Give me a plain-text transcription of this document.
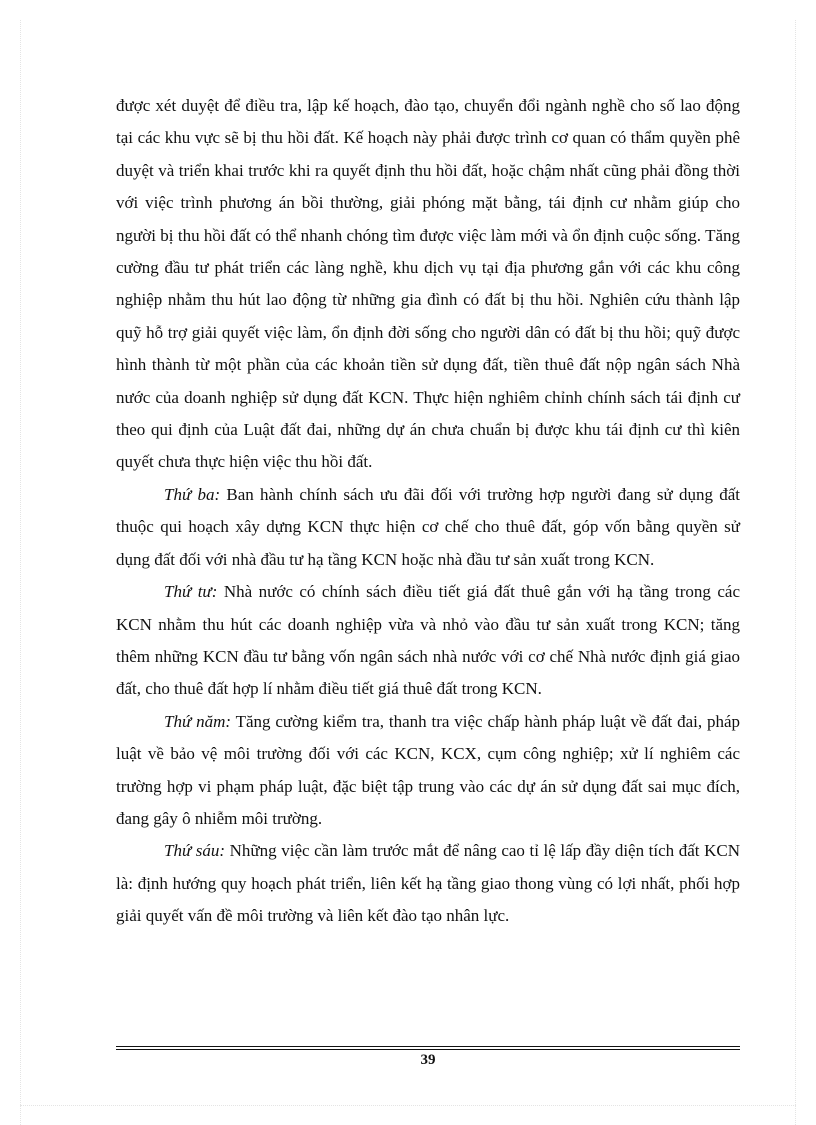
được xét duyệt để điều tra, lập kế hoạch, đào tạo, chuyển đổi ngành nghề cho số lao động tại các khu vực sẽ bị thu hồi đất. Kế hoạch này phải được trình cơ quan có thẩm quyền phê duyệt và triển khai trước khi ra quyết định thu hồi đất, hoặc chậm nhất cũng phải đồng thời với việc trình phương án bồi thường, giải phóng mặt bằng, tái định cư nhằm giúp cho người bị thu hồi đất có thể nhanh chóng tìm được việc làm mới và ổn định cuộc sống. Tăng cường đầu tư phát triển các làng nghề, khu dịch vụ tại địa phương gắn với các khu công nghiệp nhằm thu hút lao động từ những gia đình có đất bị thu hồi. Nghiên cứu thành lập quỹ hỗ trợ giải quyết việc làm, ổn định đời sống cho người dân có đất bị thu hồi; quỹ được hình thành từ một phần của các khoản tiền sử dụng đất, tiền thuê đất nộp ngân sách Nhà nước của doanh nghiệp sử dụng đất KCN. Thực hiện nghiêm chỉnh chính sách tái định cư theo qui định của Luật đất đai, những dự án chưa chuẩn bị được khu tái định cư thì kiên quyết chưa thực hiện việc thu hồi đất.

Thứ ba: Ban hành chính sách ưu đãi đối với trường hợp người đang sử dụng đất thuộc qui hoạch xây dựng KCN thực hiện cơ chế cho thuê đất, góp vốn bằng quyền sử dụng đất đối với nhà đầu tư hạ tầng KCN hoặc nhà đầu tư sản xuất trong KCN.

Thứ tư: Nhà nước có chính sách điều tiết giá đất thuê gắn với hạ tầng trong các KCN nhằm thu hút các doanh nghiệp vừa và nhỏ vào đầu tư sản xuất trong KCN; tăng thêm những KCN đầu tư bằng vốn ngân sách nhà nước với cơ chế Nhà nước định giá giao đất, cho thuê đất hợp lí nhằm điều tiết giá thuê đất trong KCN.

Thứ năm: Tăng cường kiểm tra, thanh tra việc chấp hành pháp luật về đất đai, pháp luật về bảo vệ môi trường đối với các KCN, KCX, cụm công nghiệp; xử lí nghiêm các trường hợp vi phạm pháp luật, đặc biệt tập trung vào các dự án sử dụng đất sai mục đích, đang gây ô nhiễm môi trường.

Thứ sáu: Những việc cần làm trước mắt để nâng cao tỉ lệ lấp đầy diện tích đất KCN là: định hướng quy hoạch phát triển, liên kết hạ tầng giao thong vùng có lợi nhất, phối hợp giải quyết vấn đề môi trường và liên kết đào tạo nhân lực.

39
